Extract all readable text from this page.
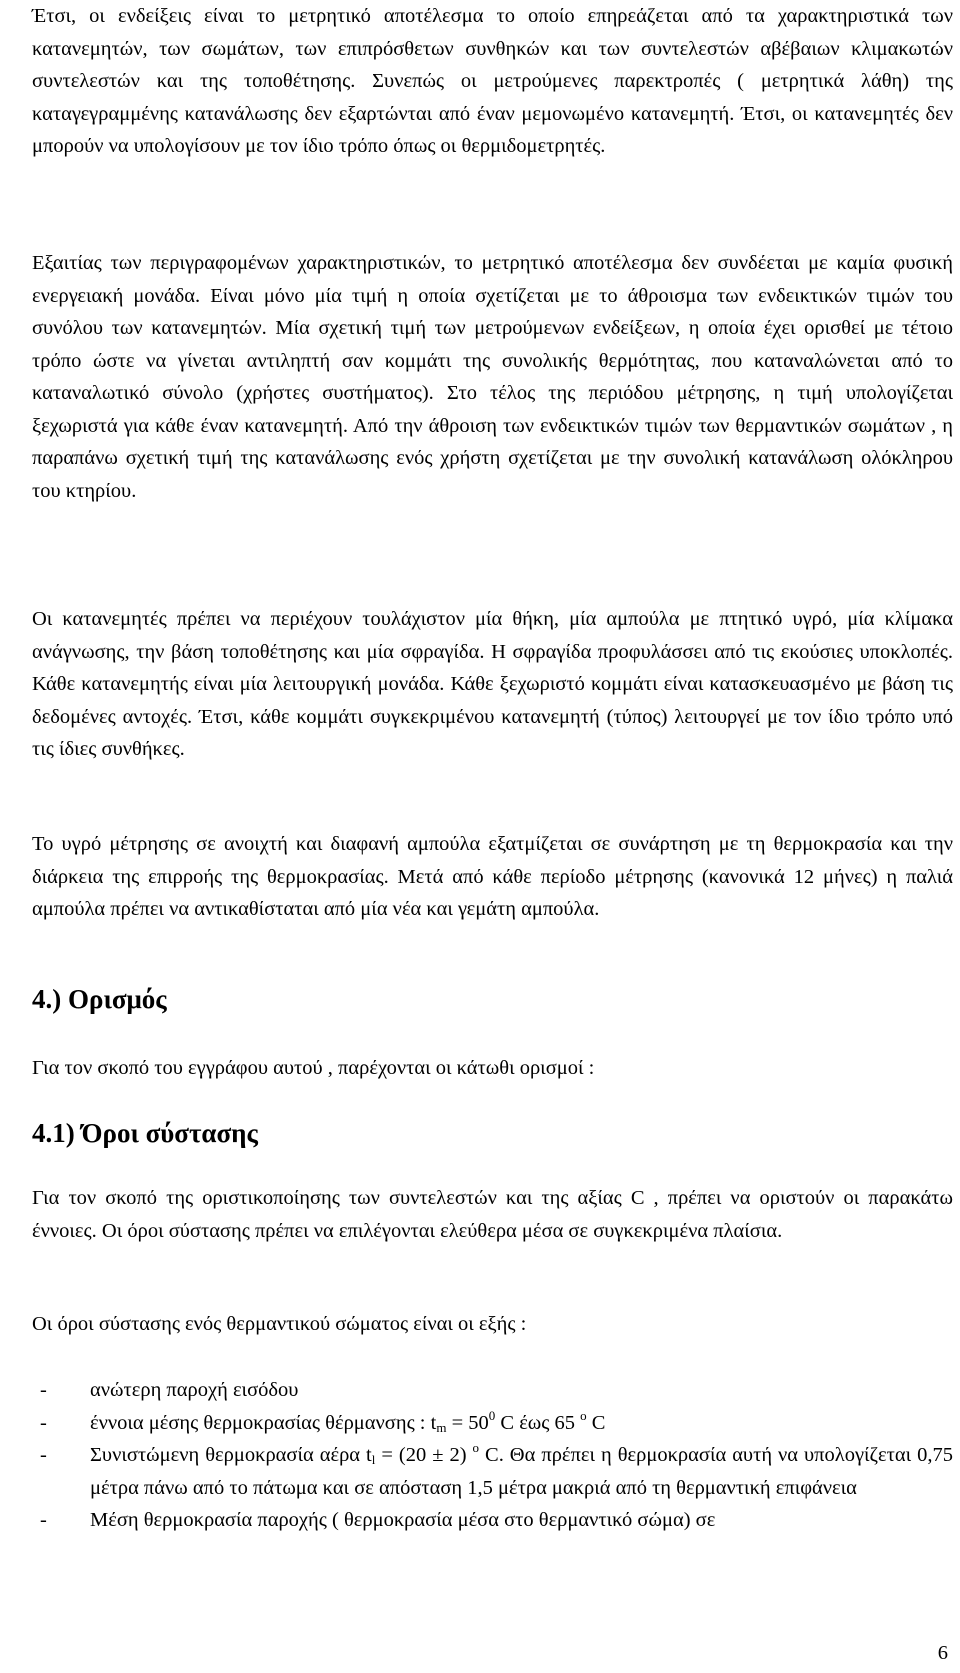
Έτσι, οι ενδείξεις είναι το μετρητικό αποτέλεσμα το οποίο επηρεάζεται από τα χαρακτηριστικά των κατανεμητών, των σωμάτων, των επιπρόσθετων συνθηκών και των συντελεστών αβέβαιων κλιμακωτών συντελεστών και της τοποθέτησης. Συνεπώς οι μετρούμενες παρεκτροπές ( μετρητικά λάθη) της καταγεγραμμένης κατανάλωσης δεν εξαρτώνται από έναν μεμονωμένο κατανεμητή. Έτσι, οι κατανεμητές δεν μπορούν να υπολογίσουν με τον ίδιο τρόπο όπως οι θερμιδομετρητές.

Εξαιτίας των περιγραφομένων χαρακτηριστικών, το μετρητικό αποτέλεσμα δεν συνδέεται με καμία φυσική ενεργειακή μονάδα. Είναι μόνο μία τιμή η οποία σχετίζεται με το άθροισμα των ενδεικτικών τιμών του συνόλου των κατανεμητών. Μία σχετική τιμή των μετρούμενων ενδείξεων, η οποία έχει ορισθεί με τέτοιο τρόπο ώστε να γίνεται αντιληπτή σαν κομμάτι της συνολικής θερμότητας, που καταναλώνεται από το καταναλωτικό σύνολο (χρήστες συστήματος). Στο τέλος της περιόδου μέτρησης, η τιμή υπολογίζεται ξεχωριστά για κάθε έναν κατανεμητή. Από την άθροιση των ενδεικτικών τιμών των θερμαντικών σωμάτων , η παραπάνω σχετική τιμή της κατανάλωσης ενός χρήστη σχετίζεται με την συνολική κατανάλωση ολόκληρου του κτηρίου.

Οι κατανεμητές πρέπει να περιέχουν τουλάχιστον μία θήκη, μία αμπούλα με πτητικό υγρό, μία κλίμακα ανάγνωσης, την βάση τοποθέτησης και μία σφραγίδα. Η σφραγίδα προφυλάσσει από τις εκούσιες υποκλοπές. Κάθε κατανεμητής είναι μία λειτουργική μονάδα. Κάθε ξεχωριστό κομμάτι είναι κατασκευασμένο με βάση τις δεδομένες αντοχές. Έτσι, κάθε κομμάτι συγκεκριμένου κατανεμητή (τύπος) λειτουργεί με τον ίδιο τρόπο υπό τις ίδιες συνθήκες.

Το υγρό μέτρησης σε ανοιχτή και διαφανή αμπούλα εξατμίζεται σε συνάρτηση με τη θερμοκρασία και την διάρκεια της επιρροής της θερμοκρασίας. Μετά από κάθε περίοδο μέτρησης (κανονικά 12 μήνες) η παλιά αμπούλα πρέπει να αντικαθίσταται από μία νέα και γεμάτη αμπούλα.

4.) Ορισμός

Για τον σκοπό του εγγράφου αυτού , παρέχονται οι κάτωθι ορισμοί :

4.1) Όροι σύστασης

Για τον σκοπό της οριστικοποίησης των συντελεστών και της αξίας C , πρέπει να οριστούν οι παρακάτω έννοιες. Οι όροι σύστασης πρέπει να επιλέγονται ελεύθερα μέσα σε συγκεκριμένα πλαίσια.

Οι όροι σύστασης ενός θερμαντικού σώματος είναι οι εξής :

- ανώτερη παροχή εισόδου
- έννοια μέσης θερμοκρασίας θέρμανσης : $t_m = 50^0$ C έως 65 $^o$ C
- Συνιστώμενη θερμοκρασία αέρα $t_l = (20 \pm 2)$ $^o$ C. Θα πρέπει η θερμοκρασία αυτή να υπολογίζεται 0,75 μέτρα πάνω από το πάτωμα και σε απόσταση 1,5 μέτρα μακριά από τη θερμαντική επιφάνεια
- Μέση θερμοκρασία παροχής ( θερμοκρασία μέσα στο θερμαντικό σώμα) σε
6
